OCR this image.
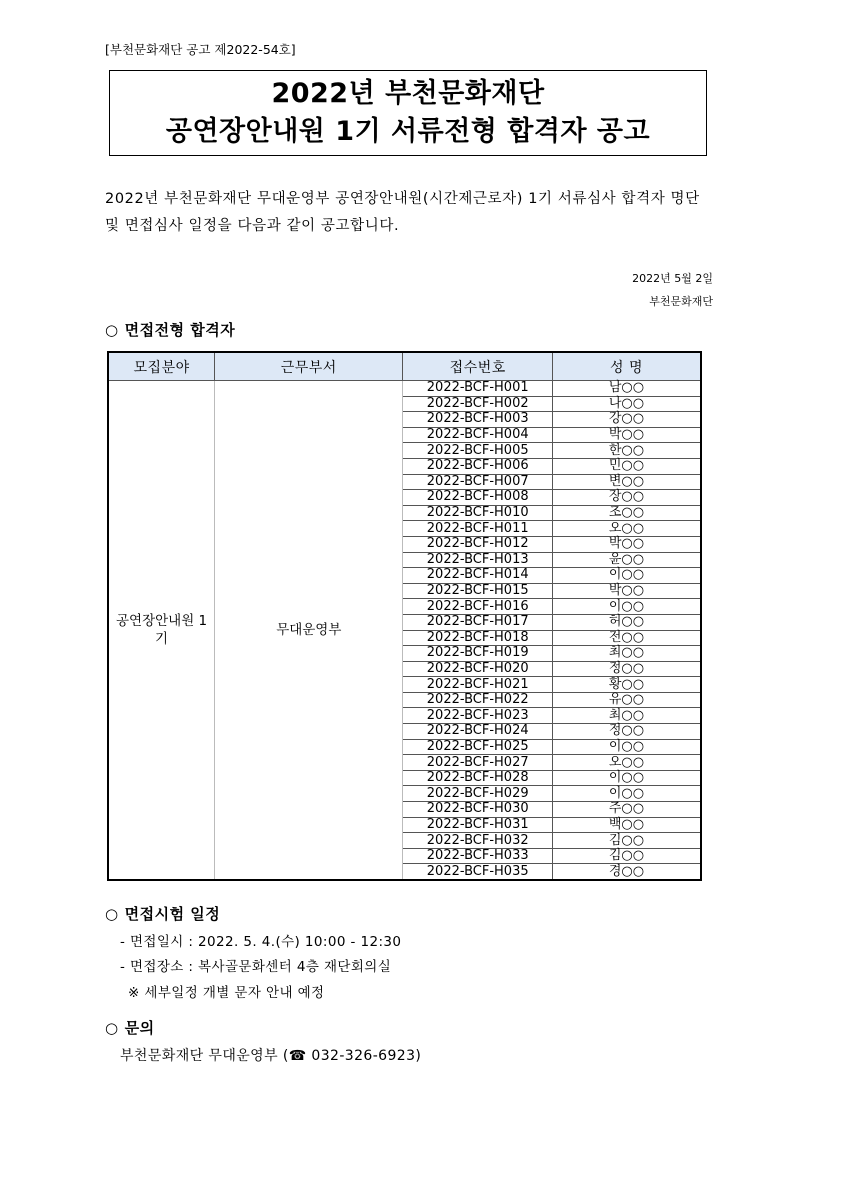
[부천문화재단 공고 제2022-54호]
2022년 부천문화재단
공연장안내원 1기 서류전형 합격자 공고
2022년 부천문화재단 무대운영부 공연장안내원(시간제근로자) 1기 서류심사 합격자 명단 및 면접심사 일정을 다음과 같이 공고합니다.
2022년 5월 2일
부천문화재단
○ 면접전형 합격자
모집분야	근무부서	접수번호	성 명
공연장안내원 1기	무대운영부	2022-BCF-H001	남○○
		2022-BCF-H002	나○○
		2022-BCF-H003	강○○
		2022-BCF-H004	박○○
		2022-BCF-H005	한○○
		2022-BCF-H006	민○○
		2022-BCF-H007	변○○
		2022-BCF-H008	장○○
		2022-BCF-H010	조○○
		2022-BCF-H011	오○○
		2022-BCF-H012	박○○
		2022-BCF-H013	윤○○
		2022-BCF-H014	이○○
		2022-BCF-H015	박○○
		2022-BCF-H016	이○○
		2022-BCF-H017	허○○
		2022-BCF-H018	전○○
		2022-BCF-H019	최○○
		2022-BCF-H020	정○○
		2022-BCF-H021	황○○
		2022-BCF-H022	유○○
		2022-BCF-H023	최○○
		2022-BCF-H024	정○○
		2022-BCF-H025	이○○
		2022-BCF-H027	오○○
		2022-BCF-H028	이○○
		2022-BCF-H029	이○○
		2022-BCF-H030	주○○
		2022-BCF-H031	백○○
		2022-BCF-H032	김○○
		2022-BCF-H033	김○○
		2022-BCF-H035	경○○
○ 면접시험 일정
- 면접일시 : 2022. 5. 4.(수) 10:00 - 12:30
- 면접장소 : 복사골문화센터 4층 재단회의실
※ 세부일정 개별 문자 안내 예정
○ 문의
부천문화재단 무대운영부 (☎ 032-326-6923)
